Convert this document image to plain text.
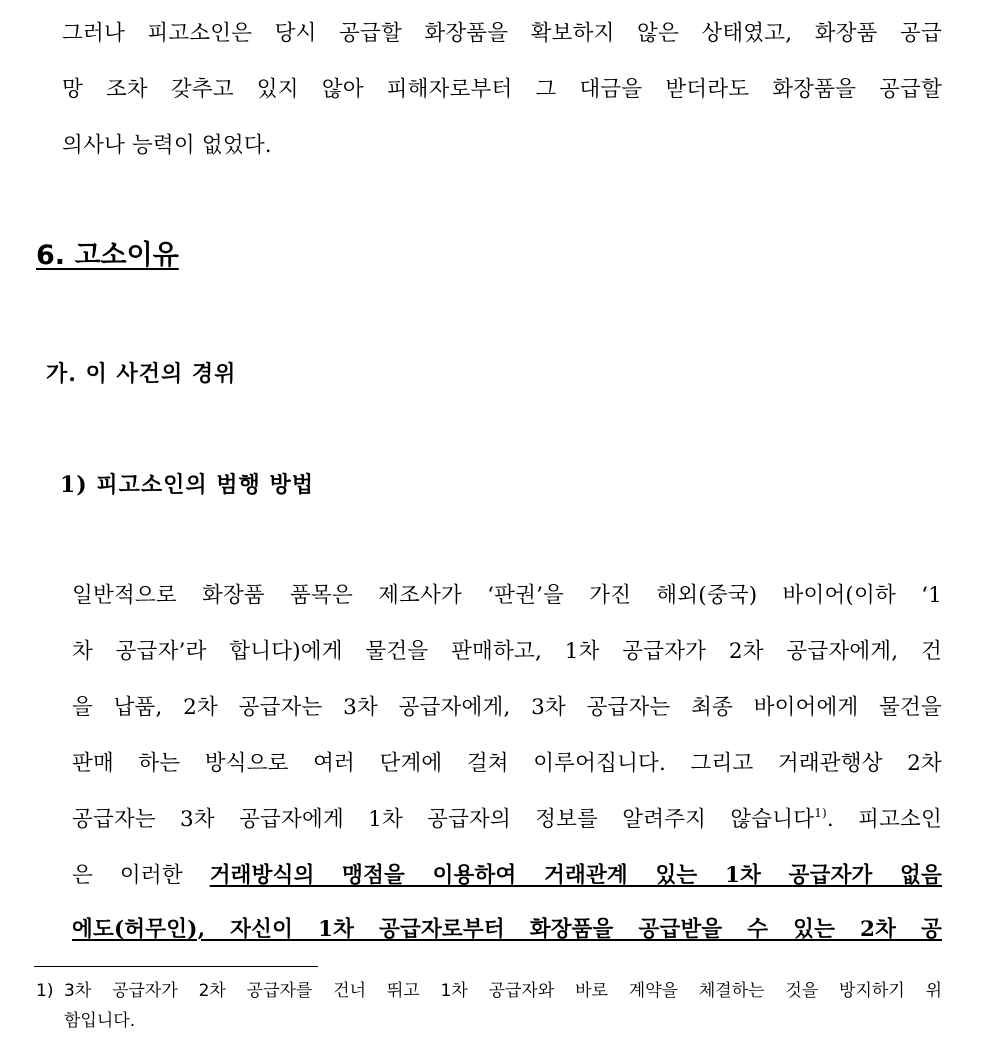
그러나 피고소인은 당시 공급할 화장품을 확보하지 않은 상태였고, 화장품 공급
망 조차 갖추고 있지 않아 피해자로부터 그 대금을 받더라도 화장품을 공급할
의사나 능력이 없었다.
6. 고소이유
가. 이 사건의 경위
1) 피고소인의 범행 방법
일반적으로 화장품 품목은 제조사가 ‘판권’을 가진 해외(중국) 바이어(이하 ‘1
차 공급자’라 합니다)에게 물건을 판매하고, 1차 공급자가 2차 공급자에게, 건
을 납품, 2차 공급자는 3차 공급자에게, 3차 공급자는 최종 바이어에게 물건을
판매 하는 방식으로 여러 단계에 걸쳐 이루어집니다. 그리고 거래관행상 2차
공급자는 3차 공급자에게 1차 공급자의 정보를 알려주지 않습니다$^{1)}$. 피고소인
은 이러한 거래방식의 맹점을 이용하여 거래관계 있는 1차 공급자가 없음
에도(허무인), 자신이 1차 공급자로부터 화장품을 공급받을 수 있는 2차 공
1) 3차 공급자가 2차 공급자를 건너 뛰고 1차 공급자와 바로 계약을 체결하는 것을 방지하기 위
함입니다.
